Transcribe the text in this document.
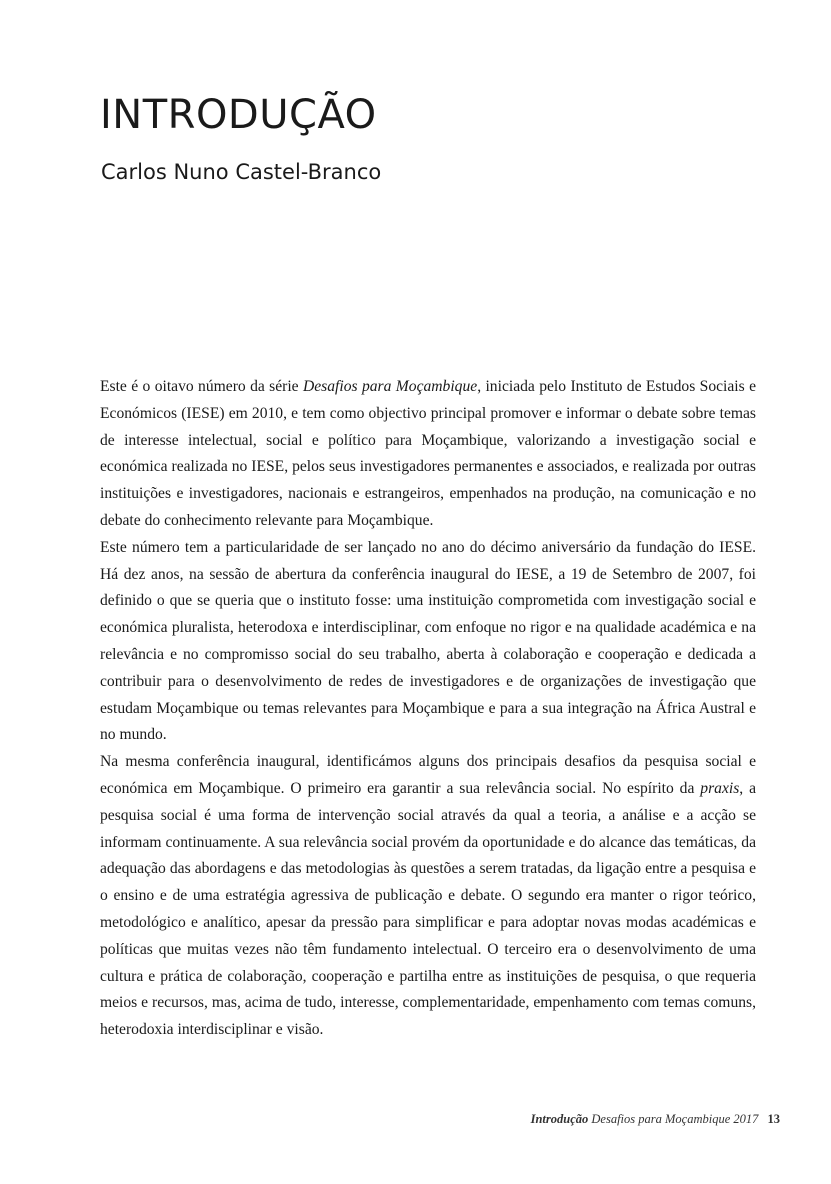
INTRODUÇÃO
Carlos Nuno Castel-Branco

Este é o oitavo número da série Desafios para Moçambique, iniciada pelo Instituto de Estudos Sociais e Económicos (IESE) em 2010, e tem como objectivo principal promover e informar o debate sobre temas de interesse intelectual, social e político para Moçambique, valorizando a investigação social e económica realizada no IESE, pelos seus investigadores permanentes e associados, e realizada por outras instituições e investigadores, nacionais e estrangeiros, empenhados na produção, na comunicação e no debate do conhecimento relevante para Moçambique.

Este número tem a particularidade de ser lançado no ano do décimo aniversário da fundação do IESE. Há dez anos, na sessão de abertura da conferência inaugural do IESE, a 19 de Setembro de 2007, foi definido o que se queria que o instituto fosse: uma instituição comprometida com investigação social e económica pluralista, heterodoxa e interdisciplinar, com enfoque no rigor e na qualidade académica e na relevância e no compromisso social do seu trabalho, aberta à colaboração e cooperação e dedicada a contribuir para o desenvolvimento de redes de investigadores e de organizações de investigação que estudam Moçambique ou temas relevantes para Moçambique e para a sua integração na África Austral e no mundo.

Na mesma conferência inaugural, identificámos alguns dos principais desafios da pesquisa social e económica em Moçambique. O primeiro era garantir a sua relevância social. No espírito da praxis, a pesquisa social é uma forma de intervenção social através da qual a teoria, a análise e a acção se informam continuamente. A sua relevância social provém da oportunidade e do alcance das temáticas, da adequação das abordagens e das metodologias às questões a serem tratadas, da ligação entre a pesquisa e o ensino e de uma estratégia agressiva de publicação e debate. O segundo era manter o rigor teórico, metodológico e analítico, apesar da pressão para simplificar e para adoptar novas modas académicas e políticas que muitas vezes não têm fundamento intelectual. O terceiro era o desenvolvimento de uma cultura e prática de colaboração, cooperação e partilha entre as instituições de pesquisa, o que requeria meios e recursos, mas, acima de tudo, interesse, complementaridade, empenhamento com temas comuns, heterodoxia interdisciplinar e visão.

Introdução Desafios para Moçambique 2017 13
